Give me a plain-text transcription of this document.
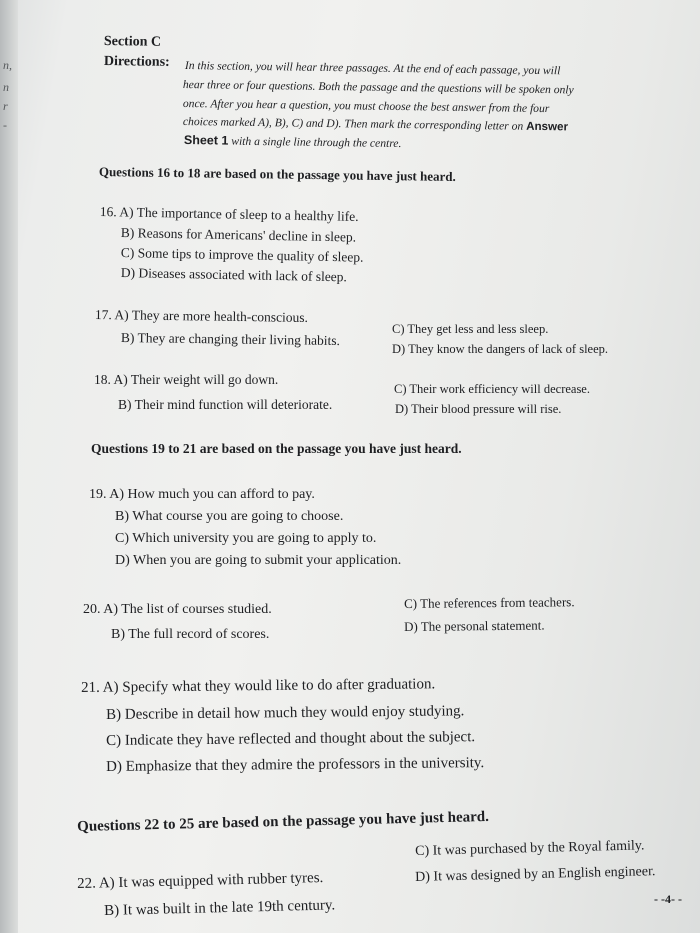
n,
n
r
-
Section C
Directions: In this section, you will hear three passages. At the end of each passage, you will
hear three or four questions. Both the passage and the questions will be spoken only
once. After you hear a question, you must choose the best answer from the four
choices marked A), B), C) and D). Then mark the corresponding letter on Answer
Sheet 1 with a single line through the centre.
Questions 16 to 18 are based on the passage you have just heard.
16. A) The importance of sleep to a healthy life.
B) Reasons for Americans' decline in sleep.
C) Some tips to improve the quality of sleep.
D) Diseases associated with lack of sleep.
17. A) They are more health-conscious.
B) They are changing their living habits.
C) They get less and less sleep.
D) They know the dangers of lack of sleep.
18. A) Their weight will go down.
B) Their mind function will deteriorate.
C) Their work efficiency will decrease.
D) Their blood pressure will rise.
Questions 19 to 21 are based on the passage you have just heard.
19. A) How much you can afford to pay.
B) What course you are going to choose.
C) Which university you are going to apply to.
D) When you are going to submit your application.
20. A) The list of courses studied.
B) The full record of scores.
C) The references from teachers.
D) The personal statement.
21. A) Specify what they would like to do after graduation.
B) Describe in detail how much they would enjoy studying.
C) Indicate they have reflected and thought about the subject.
D) Emphasize that they admire the professors in the university.
Questions 22 to 25 are based on the passage you have just heard.
22. A) It was equipped with rubber tyres.
B) It was built in the late 19th century.
C) It was purchased by the Royal family.
D) It was designed by an English engineer.
- -4- -
